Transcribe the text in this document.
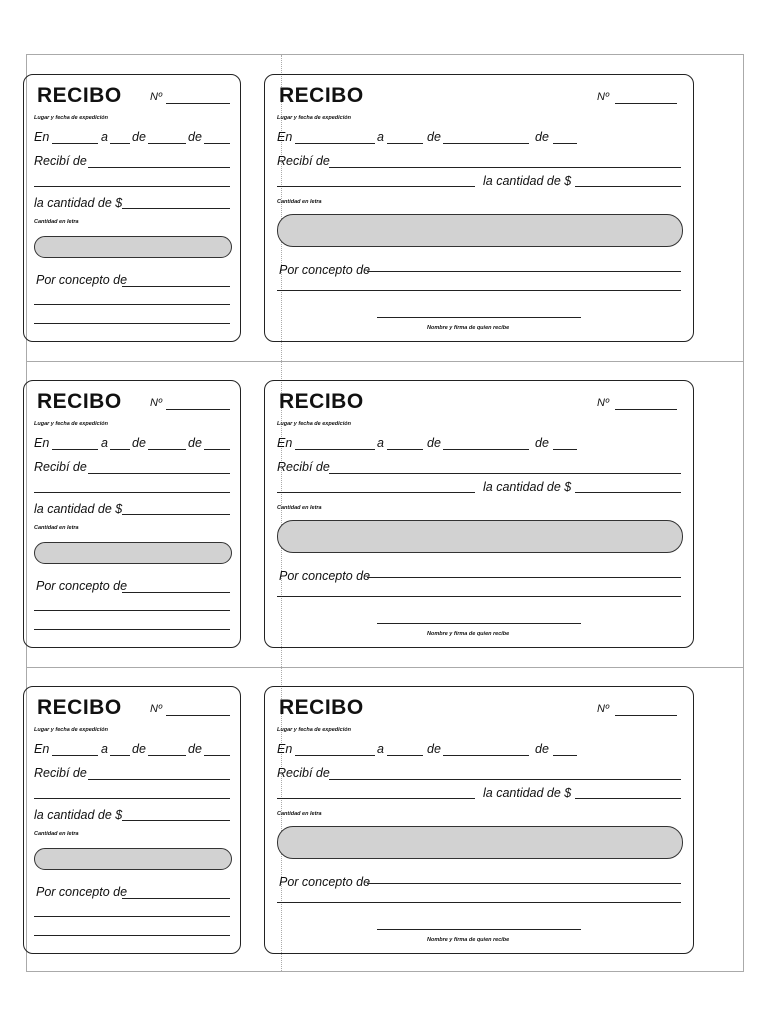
RECIBO	Nº
Lugar y fecha de expedición
En	a de	de
Recibí de
la cantidad de $
Cantidad en letra
Por concepto de
RECIBO	Nº
Lugar y fecha de expedición
En	a	de	de
Recibí de
la cantidad de $
Cantidad en letra
Por concepto de
Nombre y firma de quien recibe
RECIBO	Nº
Lugar y fecha de expedición
En	a de	de
Recibí de
la cantidad de $
Cantidad en letra
Por concepto de
RECIBO	Nº
Lugar y fecha de expedición
En	a	de	de
Recibí de
la cantidad de $
Cantidad en letra
Por concepto de
Nombre y firma de quien recibe
RECIBO	Nº
Lugar y fecha de expedición
En	a de	de
Recibí de
la cantidad de $
Cantidad en letra
Por concepto de
RECIBO	Nº
Lugar y fecha de expedición
En	a	de	de
Recibí de
la cantidad de $
Cantidad en letra
Por concepto de
Nombre y firma de quien recibe
